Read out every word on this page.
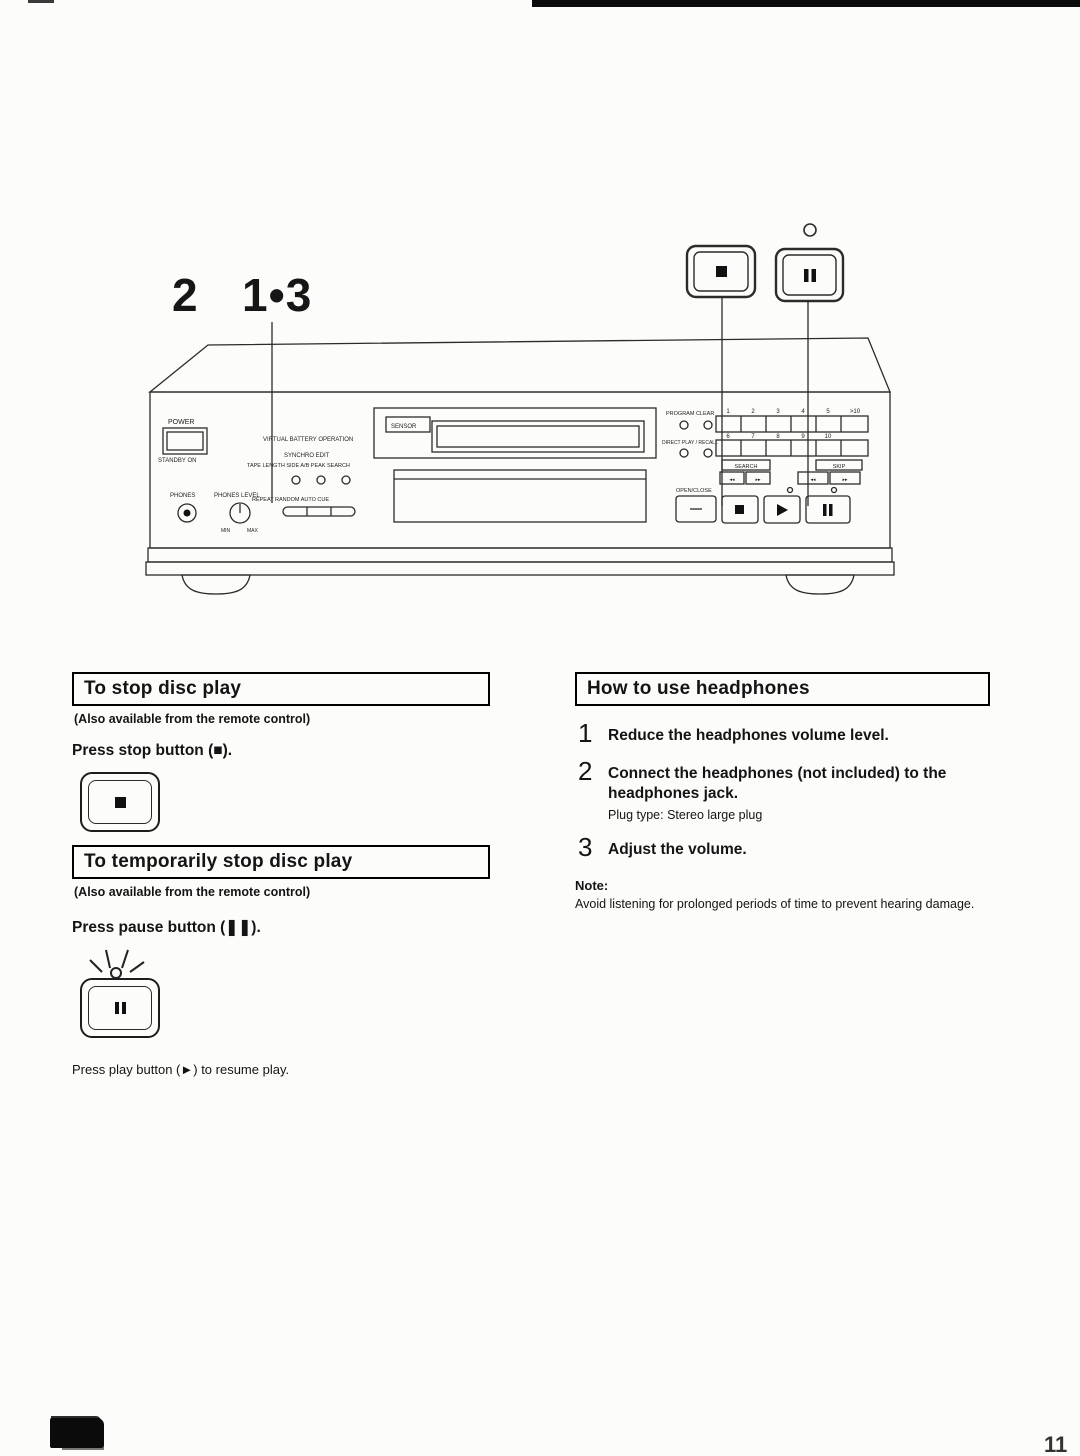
2 1•3
POWER
STANDBY ON
PHONES	PHONES LEVEL
MIN	MAX
VIRTUAL BATTERY OPERATION
SYNCHRO EDIT
TAPE LENGTH SIDE A/B PEAK SEARCH
REPEAT RANDOM AUTO CUE
SENSOR
PROGRAM CLEAR
DIRECT PLAY / RECALL
1	2	3	4	5	>10
6	7	8	9	10
SEARCH
◂◂	▸▸
SKIP
◂◂	▸▸
OPEN/CLOSE
To stop disc play
(Also available from the remote control)
Press stop button (■).
To temporarily stop disc play
(Also available from the remote control)
Press pause button (❚❚).
Press play button (►) to resume play.
How to use headphones
1 Reduce the headphones volume level.
2 Connect the headphones (not included) to the headphones jack.
Plug type: Stereo large plug
3 Adjust the volume.
Note:
Avoid listening for prolonged periods of time to prevent hearing damage.
11
